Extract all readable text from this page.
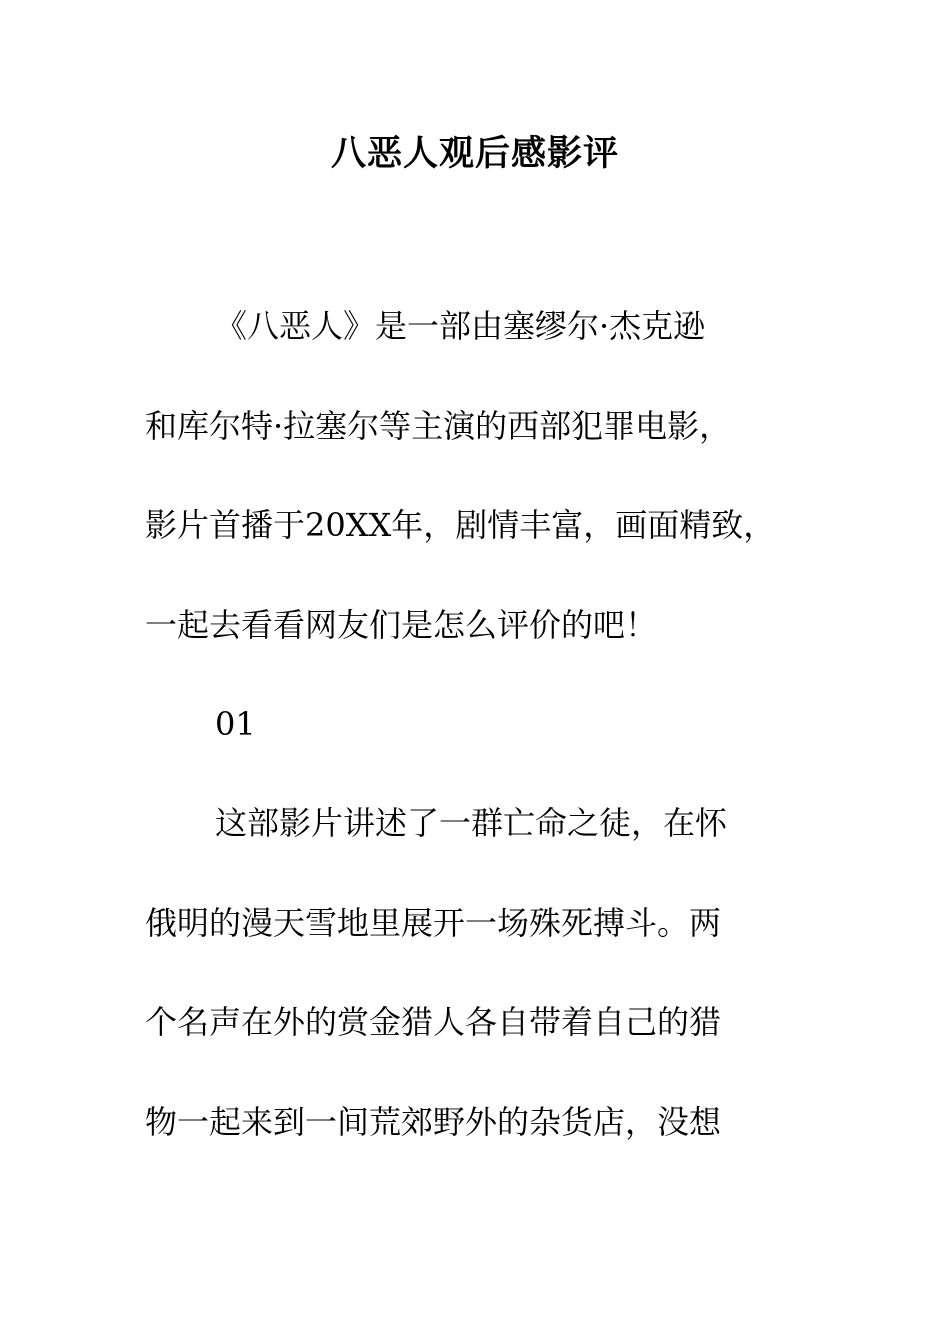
八恶人观后感影评
《八恶人》是一部由塞缪尔·杰克逊
和库尔特·拉塞尔等主演的西部犯罪电影，
影片首播于20XX年，剧情丰富，画面精致，
一起去看看网友们是怎么评价的吧！
01
这部影片讲述了一群亡命之徒，在怀
俄明的漫天雪地里展开一场殊死搏斗。两
个名声在外的赏金猎人各自带着自己的猎
物一起来到一间荒郊野外的杂货店，没想
